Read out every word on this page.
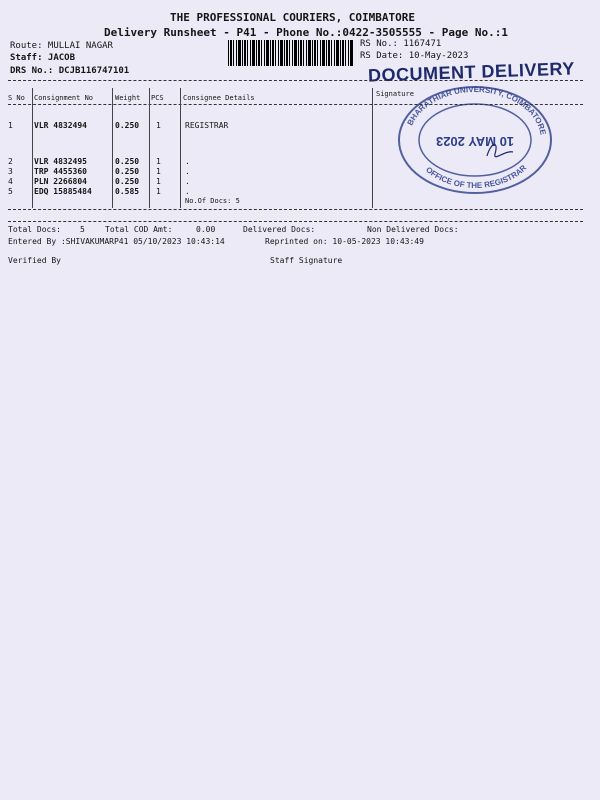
THE PROFESSIONAL COURIERS, COIMBATORE
Delivery Runsheet - P41 - Phone No.:0422-3505555 - Page No.:1
Route: MULLAI NAGAR
Staff: JACOB
DRS No.: DCJB116747101
RS No.: 1167471
RS Date: 10-May-2023
DOCUMENT DELIVERY
BHARATHIAR UNIVERSITY, COIMBATORE
OFFICE OF THE REGISTRAR
10 MAY 2023
S No Consignment No	Weight PCS	Consignee Details	Signature
1	VLR 4832494	0.250 1	REGISTRAR
2	VLR 4832495	0.250 1	.
3	TRP 4455360	0.250 1	.
4	PLN 2266804	0.250 1	.
5	EDQ 15885484	0.585 1	.
No.Of Docs: 5
Total Docs: 5	Total COD Amt:	0.00	Delivered Docs:	Non Delivered Docs:
Entered By :SHIVAKUMARP41 05/10/2023 10:43:14	Reprinted on: 10-05-2023 10:43:49
Verified By	Staff Signature
